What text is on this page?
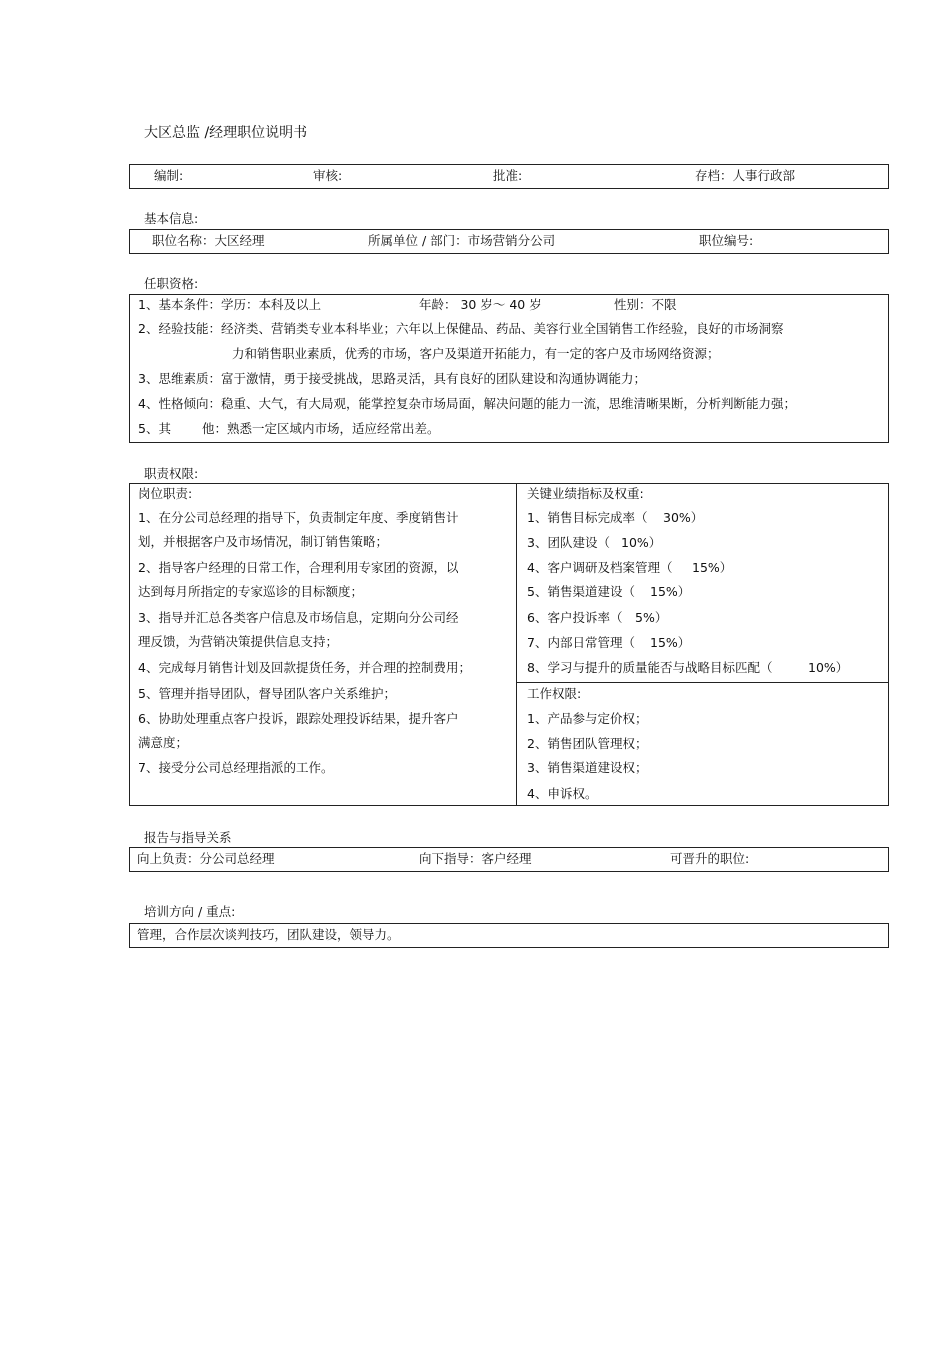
大区总监 /经理职位说明书
编制:	审核:	批准:	存档：人事行政部
基本信息:
职位名称：大区经理	所属单位 / 部门：市场营销分公司	职位编号:
任职资格:
1、基本条件：学历：本科及以上	年龄： 30 岁～ 40 岁	性别：不限
2、经验技能：经济类、营销类专业本科毕业；六年以上保健品、药品、美容行业全国销售工作经验，良好的市场洞察
力和销售职业素质，优秀的市场，客户及渠道开拓能力，有一定的客户及市场网络资源；
3、思维素质：富于激情，勇于接受挑战，思路灵活，具有良好的团队建设和沟通协调能力；
4、性格倾向：稳重、大气，有大局观，能掌控复杂市场局面，解决问题的能力一流，思维清晰果断，分析判断能力强；
5、其 他：熟悉一定区域内市场，适应经常出差。
职责权限:
岗位职责:
1、在分公司总经理的指导下，负责制定年度、季度销售计
划，并根据客户及市场情况，制订销售策略；
2、指导客户经理的日常工作，合理利用专家团的资源，以
达到每月所指定的专家巡诊的目标额度；
3、指导并汇总各类客户信息及市场信息，定期向分公司经
理反馈，为营销决策提供信息支持；
4、完成每月销售计划及回款提货任务，并合理的控制费用；
5、管理并指导团队，督导团队客户关系维护；
6、协助处理重点客户投诉，跟踪处理投诉结果，提升客户
满意度；
7、接受分公司总经理指派的工作。
关键业绩指标及权重:
1、销售目标完成率（ 30%）
3、团队建设（ 10%）
4、客户调研及档案管理（ 15%）
5、销售渠道建设（ 15%）
6、客户投诉率（ 5%）
7、内部日常管理（ 15%）
8、学习与提升的质量能否与战略目标匹配（	10%）
工作权限:
1、产品参与定价权；
2、销售团队管理权；
3、销售渠道建设权；
4、申诉权。
报告与指导关系
向上负责：分公司总经理	向下指导：客户经理	可晋升的职位:
培训方向 / 重点:
管理，合作层次谈判技巧，团队建设，领导力。
